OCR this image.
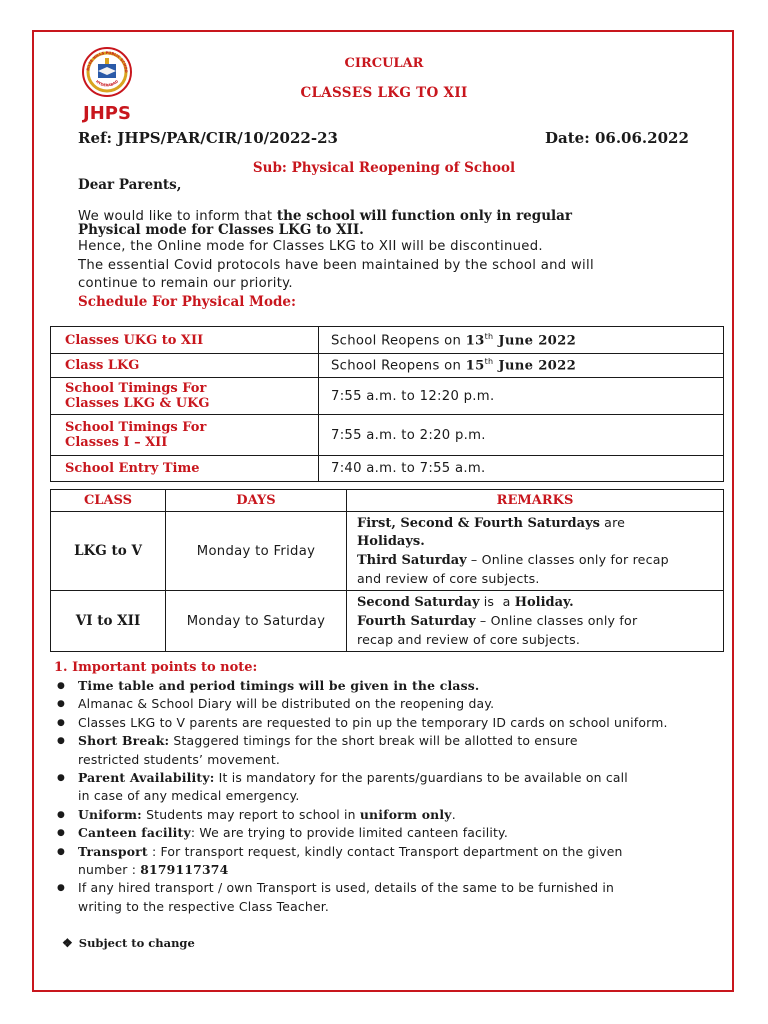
BILEE HILLS PUBLIC SCHOO
HYDERABAD
JHPS
CIRCULAR
CLASSES LKG TO XII
Ref: JHPS/PAR/CIR/10/2022-23	Date: 06.06.2022
Sub: Physical Reopening of School
Dear Parents,
We would like to inform that the school will function only in regular
Physical mode for Classes LKG to XII.
Hence, the Online mode for Classes LKG to XII will be discontinued.
The essential Covid protocols have been maintained by the school and will
continue to remain our priority.
Schedule For Physical Mode:
Classes UKG to XII	School Reopens on 13th June 2022
Class LKG	School Reopens on 15th June 2022

School Timings For
Classes LKG & UKG	7:55 a.m. to 12:20 p.m.

School Timings For
Classes I – XII	7:55 a.m. to 2:20 p.m.
School Entry Time	7:40 a.m. to 7:55 a.m.
CLASS	DAYS	REMARKS
LKG to V	Monday to Friday	First, Second & Fourth Saturdays are
Holidays.
Third Saturday – Online classes only for recap
and review of core subjects.

VI to XII	Monday to Saturday	Second Saturday is  a Holiday.
Fourth Saturday – Online classes only for
recap and review of core subjects.
1. Important points to note:
● Time table and period timings will be given in the class.
● Almanac & School Diary will be distributed on the reopening day.
● Classes LKG to V parents are requested to pin up the temporary ID cards on school uniform.
● Short Break: Staggered timings for the short break will be allotted to ensure
restricted students’ movement.
● Parent Availability: It is mandatory for the parents/guardians to be available on call
in case of any medical emergency.
● Uniform: Students may report to school in uniform only.
● Canteen facility: We are trying to provide limited canteen facility.
● Transport : For transport request, kindly contact Transport department on the given
number : 8179117374
● If any hired transport / own Transport is used, details of the same to be furnished in
writing to the respective Class Teacher.
❖ Subject to change
